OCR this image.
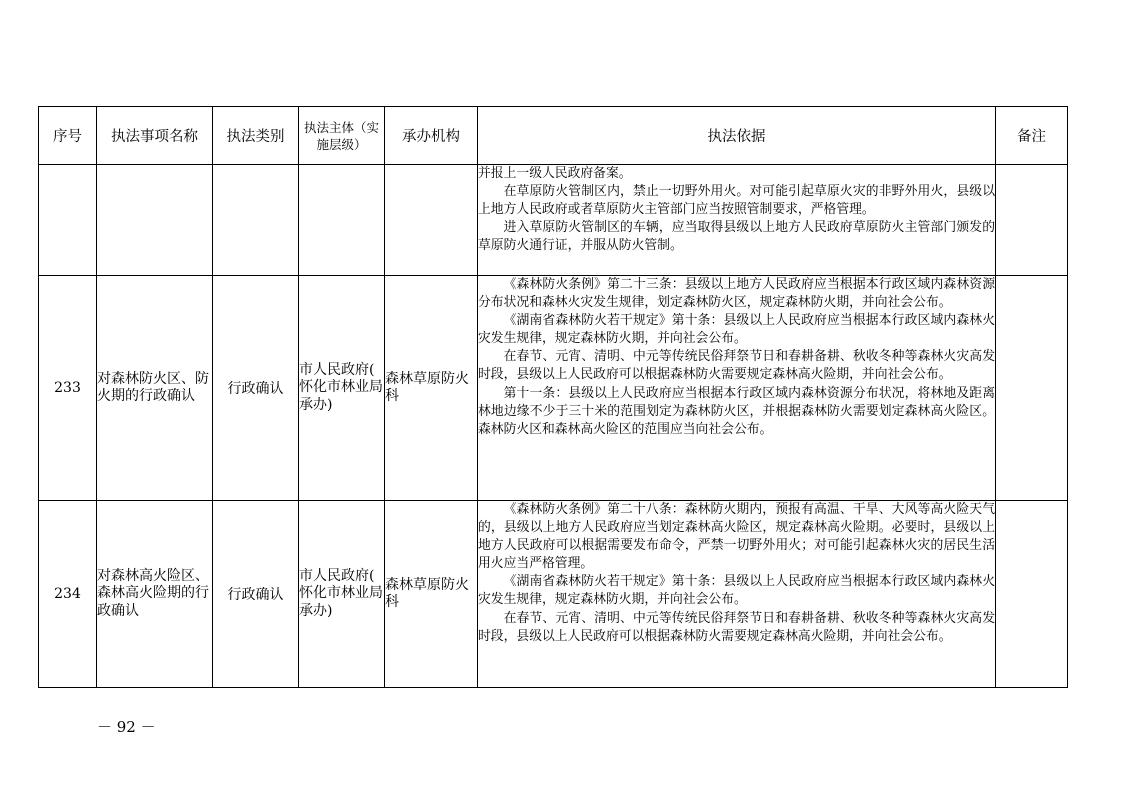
序号	执法事项名称	执法类别	执法主体（实施层级）	承办机构	执法依据	备注

					并报上一级人民政府备案。

在草原防火管制区内，禁止一切野外用火。对可能引起草原火灾的非野外用火，县级以上地方人民政府或者草原防火主管部门应当按照管制要求，严格管理。

进入草原防火管制区的车辆，应当取得县级以上地方人民政府草原防火主管部门颁发的草原防火通行证，并服从防火管制。	

233	对森林防火区、防火期的行政确认	行政确认	市人民政府( 怀化市林业局承办)	森林草原防火科	《森林防火条例》第二十三条：县级以上地方人民政府应当根据本行政区域内森林资源分布状况和森林火灾发生规律，划定森林防火区，规定森林防火期，并向社会公布。

《湖南省森林防火若干规定》第十条：县级以上人民政府应当根据本行政区域内森林火灾发生规律，规定森林防火期，并向社会公布。

在春节、元宵、清明、中元等传统民俗拜祭节日和春耕备耕、秋收冬种等森林火灾高发时段，县级以上人民政府可以根据森林防火需要规定森林高火险期，并向社会公布。

第十一条：县级以上人民政府应当根据本行政区域内森林资源分布状况，将林地及距离林地边缘不少于三十米的范围划定为森林防火区，并根据森林防火需要划定森林高火险区。森林防火区和森林高火险区的范围应当向社会公布。	

234	对森林高火险区、森林高火险期的行政确认	行政确认	市人民政府( 怀化市林业局承办)	森林草原防火科	《森林防火条例》第二十八条：森林防火期内，预报有高温、干旱、大风等高火险天气的，县级以上地方人民政府应当划定森林高火险区，规定森林高火险期。必要时，县级以上地方人民政府可以根据需要发布命令，严禁一切野外用火；对可能引起森林火灾的居民生活用火应当严格管理。

《湖南省森林防火若干规定》第十条：县级以上人民政府应当根据本行政区域内森林火灾发生规律，规定森林防火期，并向社会公布。

在春节、元宵、清明、中元等传统民俗拜祭节日和春耕备耕、秋收冬种等森林火灾高发时段，县级以上人民政府可以根据森林防火需要规定森林高火险期，并向社会公布。	

－ 92 －
